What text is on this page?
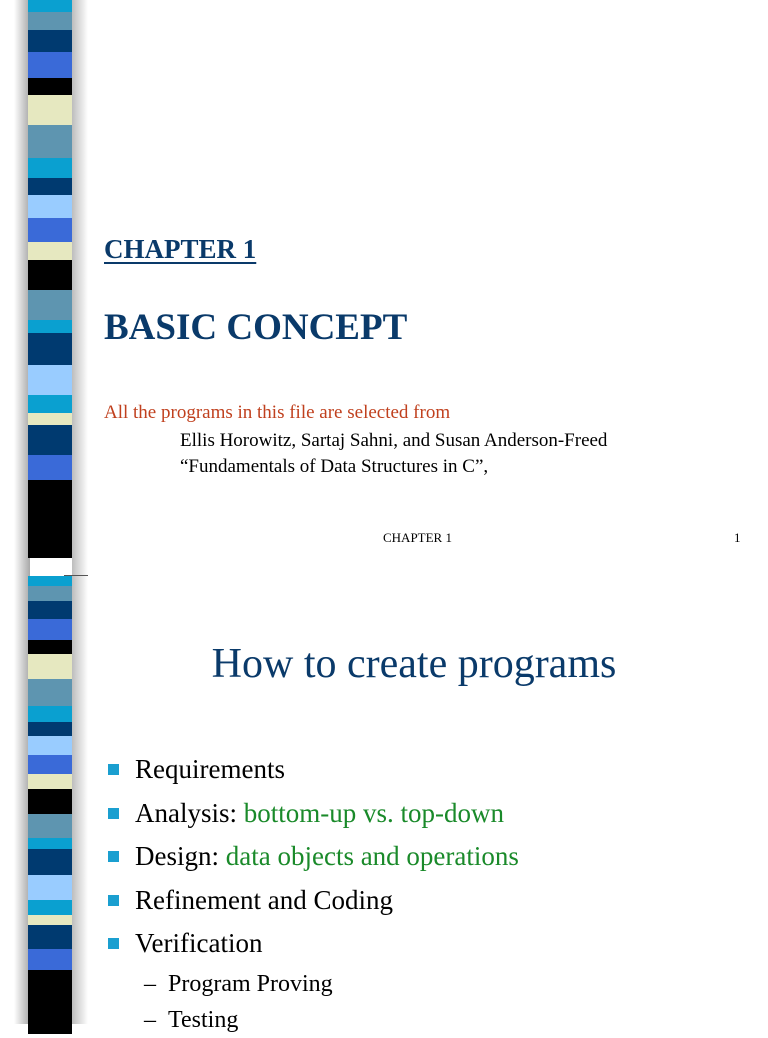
CHAPTER 1
BASIC CONCEPT
All the programs in this file are selected from
Ellis Horowitz, Sartaj Sahni, and Susan Anderson-Freed
“Fundamentals of Data Structures in C”,
CHAPTER 1	1
How to create programs
Requirements
Analysis: bottom-up vs. top-down
Design: data objects and operations
Refinement and Coding
Verification
– Program Proving
– Testing
